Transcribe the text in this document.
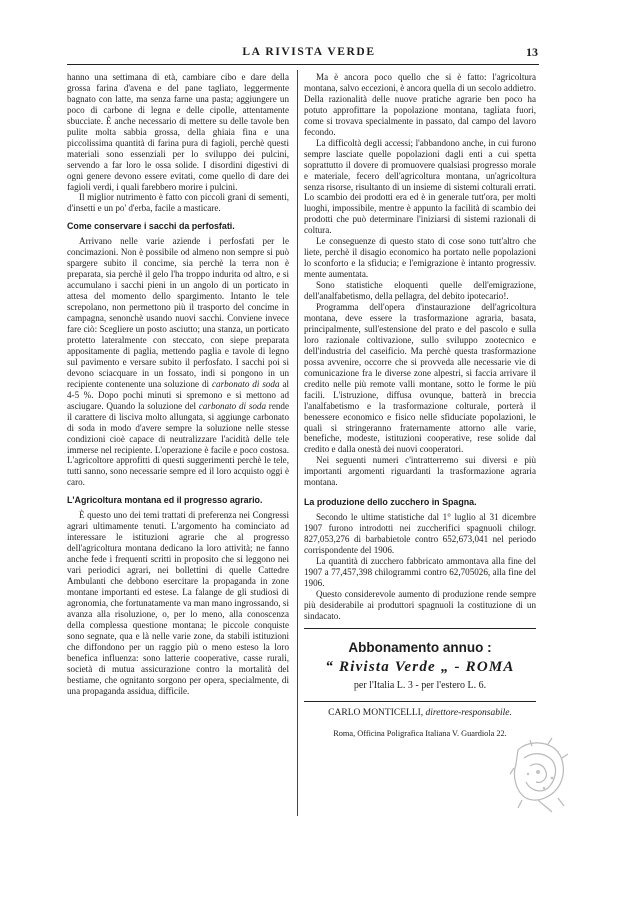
LA RIVISTA VERDE	13

hanno una settimana di età, cambiare cibo e dare della grossa farina d'avena e del pane tagliato, leggermente bagnato con latte, ma senza farne una pasta; aggiungere un poco di carbone di legna e delle cipolle, attentamente sbucciate. È anche necessario di mettere su delle tavole ben pulite molta sabbia grossa, della ghiaia fina e una piccolissima quantità di farina pura di fagioli, perchè questi materiali sono essenziali per lo sviluppo dei pulcini, servendo a far loro le ossa solide. I disordini digestivi di ogni genere devono essere evitati, come quello di dare dei fagioli verdi, i quali farebbero morire i pulcini.

Il miglior nutrimento è fatto con piccoli grani di sementi, d'insetti e un po' d'erba, facile a masticare.

Come conservare i sacchi da perfosfati.

Arrivano nelle varie aziende i perfosfati per le concimazioni. Non è possibile od almeno non sempre si può spargere subito il concime, sia perchè la terra non è preparata, sia perchè il gelo l'ha troppo indurita od altro, e si accumulano i sacchi pieni in un angolo di un porticato in attesa del momento dello spargimento. Intanto le tele screpolano, non permettono più il trasporto del concime in campagna, senonchè usando nuovi sacchi. Conviene invece fare ciò: Scegliere un posto asciutto; una stanza, un porticato protetto lateralmente con steccato, con siepe preparata appositamente di paglia, mettendo paglia e tavole di legno sul pavimento e versare subito il perfosfato. I sacchi poi si devono sciacquare in un fossato, indi si pongono in un recipiente contenente una soluzione di carbonato di soda al 4-5 %. Dopo pochi minuti si spremono e si mettono ad asciugare. Quando la soluzione del carbonato di soda rende il carattere di lisciva molto allungata, si aggiunge carbonato di soda in modo d'avere sempre la soluzione nelle stesse condizioni cioè capace di neutralizzare l'acidità delle tele immerse nel recipiente. L'operazione è facile e poco costosa. L'agricoltore approfitti di questi suggerimenti perchè le tele, tutti sanno, sono necessarie sempre ed il loro acquisto oggi è caro.

L'Agricoltura montana ed il progresso agrario.

È questo uno dei temi trattati di preferenza nei Congressi agrari ultimamente tenuti. L'argomento ha cominciato ad interessare le istituzioni agrarie che al progresso dell'agricoltura montana dedicano la loro attività; ne fanno anche fede i frequenti scritti in proposito che si leggono nei vari periodici agrari, nei bollettini di quelle Cattedre Ambulanti che debbono esercitare la propaganda in zone montane importanti ed estese. La falange de gli studiosi di agronomia, che fortunatamente va man mano ingrossando, si avanza alla risoluzione, o, per lo meno, alla conoscenza della complessa questione montana; le piccole conquiste sono segnate, qua e là nelle varie zone, da stabili istituzioni che diffondono per un raggio più o meno esteso la loro benefica influenza: sono latterie cooperative, casse rurali, società di mutua assicurazione contro la mortalità del bestiame, che ognitanto sorgono per opera, specialmente, di una propaganda assidua, difficile.

Ma è ancora poco quello che si è fatto: l'agricoltura montana, salvo eccezioni, è ancora quella di un secolo addietro. Della razionalità delle nuove pratiche agrarie ben poco ha potuto approfittare la popolazione montana, tagliata fuori, come si trovava specialmente in passato, dal campo del lavoro fecondo.

La difficoltà degli accessi; l'abbandono anche, in cui furono sempre lasciate quelle popolazioni dagli enti a cui spetta soprattutto il dovere di promuovere qualsiasi progresso morale e materiale, fecero dell'agricoltura montana, un'agricoltura senza risorse, risultanto di un insieme di sistemi colturali errati. Lo scambio dei prodotti era ed è in generale tutt'ora, per molti luoghi, impossibile, mentre è appunto la facilità di scambio dei prodotti che può determinare l'iniziarsi di sistemi razionali di coltura.

Le conseguenze di questo stato di cose sono tutt'altro che liete, perchè il disagio economico ha portato nelle popolazioni lo sconforto e la sfiducia; e l'emigrazione è intanto progressiv. mente aumentata.

Sono statistiche eloquenti quelle dell'emigrazione, dell'analfabetismo, della pellagra, del debito ipotecario!.

Programma dell'opera d'instaurazione dell'agricoltura montana, deve essere la trasformazione agraria, basata, principalmente, sull'estensione del prato e del pascolo e sulla loro razionale coltivazione, sullo sviluppo zootecnico e dell'industria del caseificio. Ma perchè questa trasformazione possa avvenire, occorre che si provveda alle necessarie vie di comunicazione fra le diverse zone alpestri, si faccia arrivare il credito nelle più remote valli montane, sotto le forme le più facili. L'istruzione, diffusa ovunque, batterà in breccia l'analfabetismo e la trasformazione colturale, porterà il benessere economico e fisico nelle sfiduciate popolazioni, le quali si stringeranno fraternamente attorno alle varie, benefiche, modeste, istituzioni cooperative, rese solide dal credito e dalla onestà dei nuovi cooperatori.

Nei seguenti numeri c'intratterremo sui diversi e più importanti argomenti riguardanti la trasformazione agraria montana.

La produzione dello zucchero in Spagna.

Secondo le ultime statistiche dal 1° luglio al 31 dicembre 1907 furono introdotti nei zuccherifici spagnuoli chilogr. 827,053,276 di barbabietole contro 652,673,041 nel periodo corrispondente del 1906.

La quantità di zucchero fabbricato ammontava alla fine del 1907 a 77,457,398 chilogrammi contro 62,705026, alla fine del 1906.

Questo considerevole aumento di produzione rende sempre più desiderabile ai produttori spagnuoli la costituzione di un sindacato.

Abbonamento annuo :
“ Rivista Verde „ - ROMA
per l'Italia L. 3 - per l'estero L. 6.
CARLO MONTICELLI, direttore-responsabile.
Roma, Officina Poligrafica Italiana V. Guardiola 22.
